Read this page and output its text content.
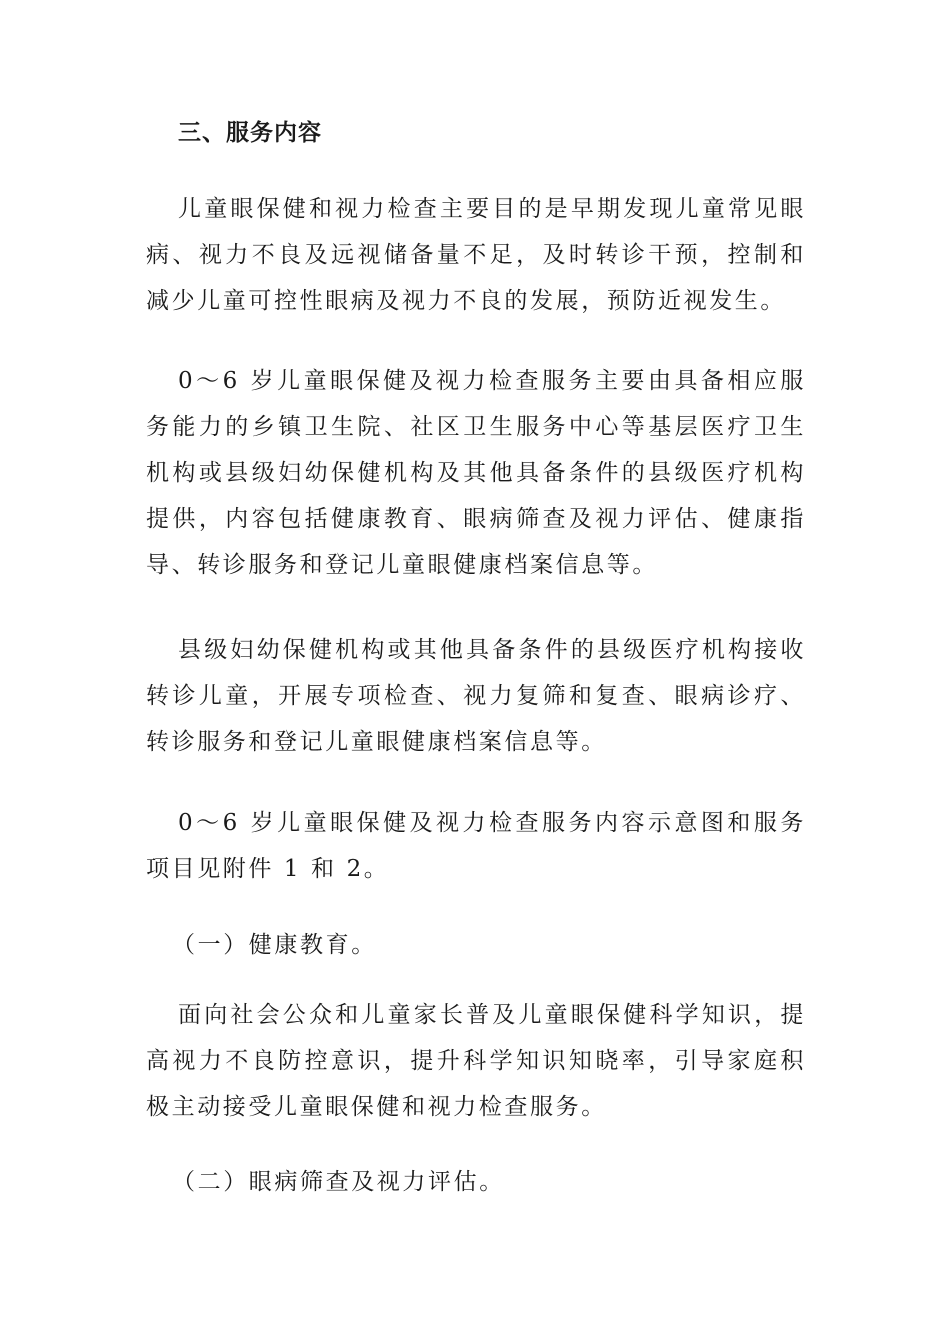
三、服务内容

儿童眼保健和视力检查主要目的是早期发现儿童常见眼病、视力不良及远视储备量不足，及时转诊干预，控制和减少儿童可控性眼病及视力不良的发展，预防近视发生。

0～6 岁儿童眼保健及视力检查服务主要由具备相应服务能力的乡镇卫生院、社区卫生服务中心等基层医疗卫生机构或县级妇幼保健机构及其他具备条件的县级医疗机构提供，内容包括健康教育、眼病筛查及视力评估、健康指导、转诊服务和登记儿童眼健康档案信息等。

县级妇幼保健机构或其他具备条件的县级医疗机构接收转诊儿童，开展专项检查、视力复筛和复查、眼病诊疗、转诊服务和登记儿童眼健康档案信息等。

0～6 岁儿童眼保健及视力检查服务内容示意图和服务项目见附件 1 和 2。

（一）健康教育。

面向社会公众和儿童家长普及儿童眼保健科学知识，提高视力不良防控意识，提升科学知识知晓率，引导家庭积极主动接受儿童眼保健和视力检查服务。

（二）眼病筛查及视力评估。
